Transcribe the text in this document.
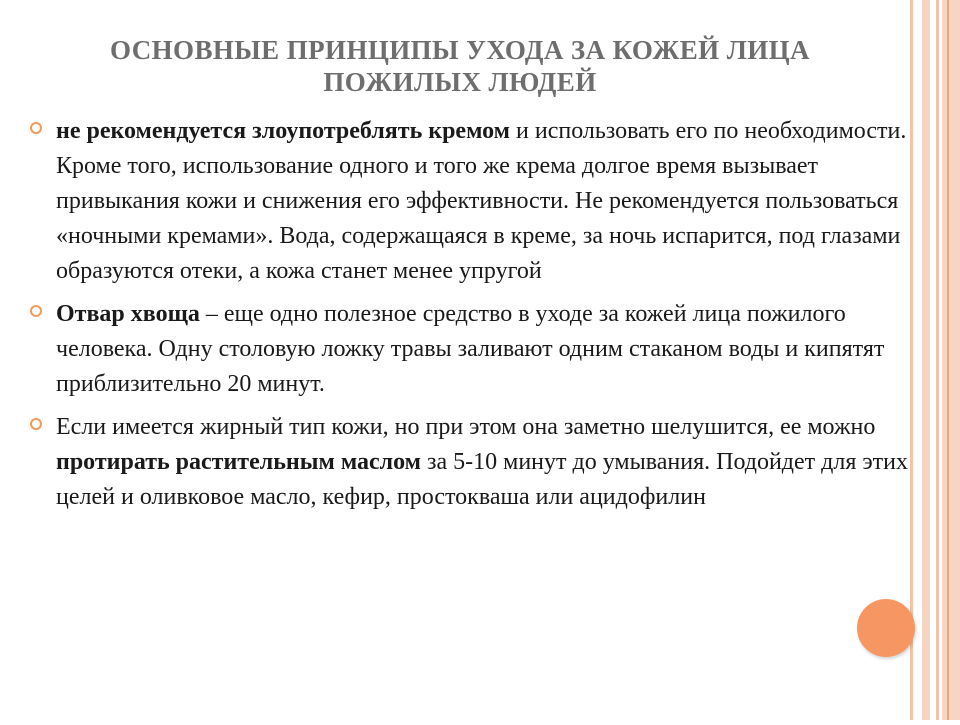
ОСНОВНЫЕ ПРИНЦИПЫ УХОДА ЗА КОЖЕЙ ЛИЦА ПОЖИЛЫХ ЛЮДЕЙ
не рекомендуется злоупотреблять кремом и использовать его по необходимости. Кроме того, использование одного и того же крема долгое время вызывает привыкания кожи и снижения его эффективности. Не рекомендуется пользоваться «ночными кремами». Вода, содержащаяся в креме, за ночь испарится, под глазами образуются отеки, а кожа станет менее упругой
Отвар хвоща – еще одно полезное средство в уходе за кожей лица пожилого человека. Одну столовую ложку травы заливают одним стаканом воды и кипятят приблизительно 20 минут.
Если имеется жирный тип кожи, но при этом она заметно шелушится, ее можно протирать растительным маслом за 5-10 минут до умывания. Подойдет для этих целей и оливковое масло, кефир, простокваша или ацидофилин
